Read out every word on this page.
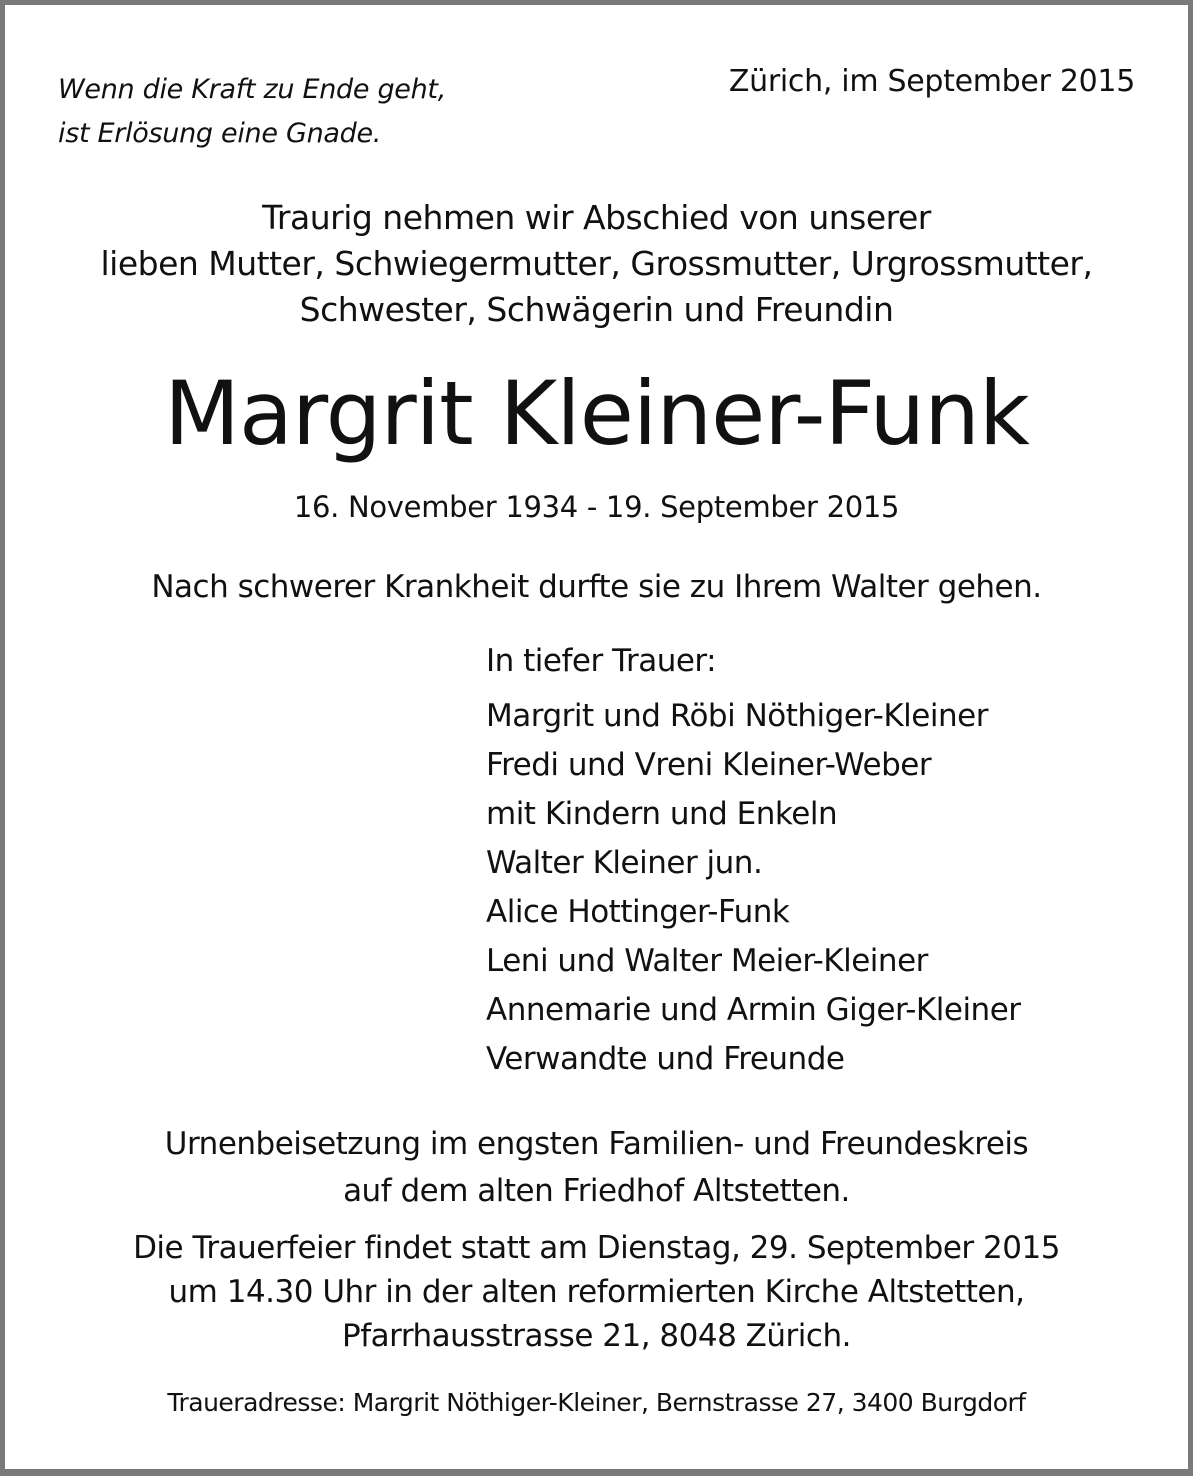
Wenn die Kraft zu Ende geht,
ist Erlösung eine Gnade.
Zürich, im September 2015
Traurig nehmen wir Abschied von unserer
lieben Mutter, Schwiegermutter, Grossmutter, Urgrossmutter,
Schwester, Schwägerin und Freundin
Margrit Kleiner-Funk
16. November 1934 - 19. September 2015
Nach schwerer Krankheit durfte sie zu Ihrem Walter gehen.
In tiefer Trauer:
Margrit und Röbi Nöthiger-Kleiner
Fredi und Vreni Kleiner-Weber
mit Kindern und Enkeln
Walter Kleiner jun.
Alice Hottinger-Funk
Leni und Walter Meier-Kleiner
Annemarie und Armin Giger-Kleiner
Verwandte und Freunde
Urnenbeisetzung im engsten Familien- und Freundeskreis
auf dem alten Friedhof Altstetten.
Die Trauerfeier findet statt am Dienstag, 29. September 2015
um 14.30 Uhr in der alten reformierten Kirche Altstetten,
Pfarrhausstrasse 21, 8048 Zürich.
Traueradresse: Margrit Nöthiger-Kleiner, Bernstrasse 27, 3400 Burgdorf
